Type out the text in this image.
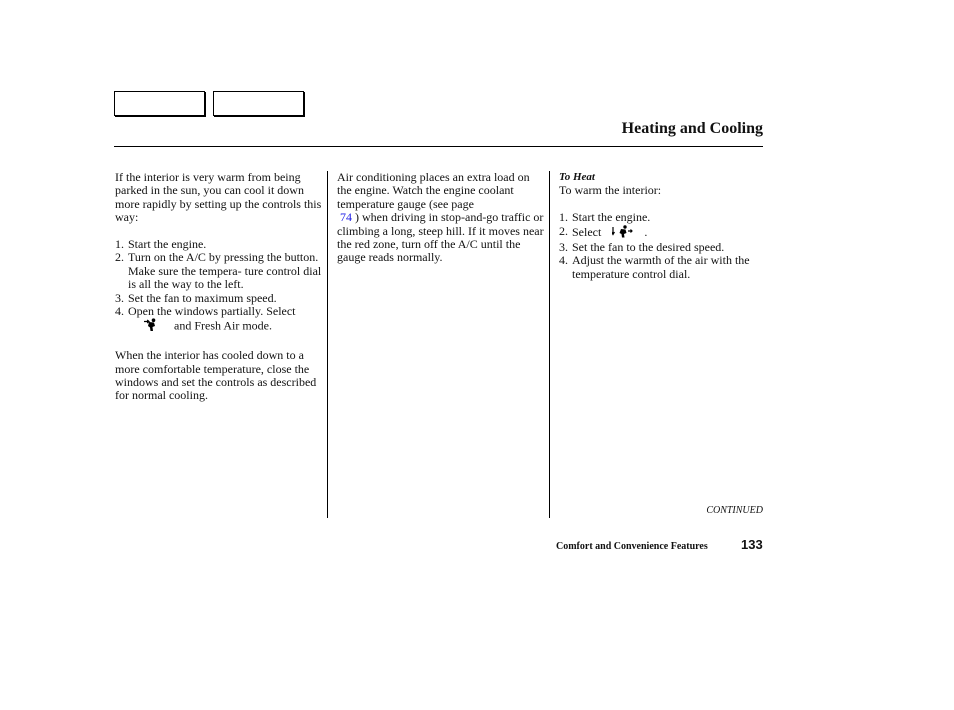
Heating and Cooling

If the interior is very warm from being parked in the sun, you can cool it down more rapidly by setting up the controls this way:

1. Start the engine.
2. Turn on the A/C by pressing the button. Make sure the tempera- ture control dial is all the way to the left.
3. Set the fan to maximum speed.
4. Open the windows partially. Select
and Fresh Air mode.

When the interior has cooled down to a more comfortable temperature, close the windows and set the controls as described for normal cooling.

Air conditioning places an extra load on the engine. Watch the engine coolant temperature gauge (see page
74 ) when driving in stop-and-go traffic or climbing a long, steep hill. If it moves near the red zone, turn off the A/C until the gauge reads normally.

To Heat

To warm the interior:

1. Start the engine.
2. Select	.
3. Set the fan to the desired speed.
4. Adjust the warmth of the air with the temperature control dial.
CONTINUED
Comfort and Convenience Features	133
